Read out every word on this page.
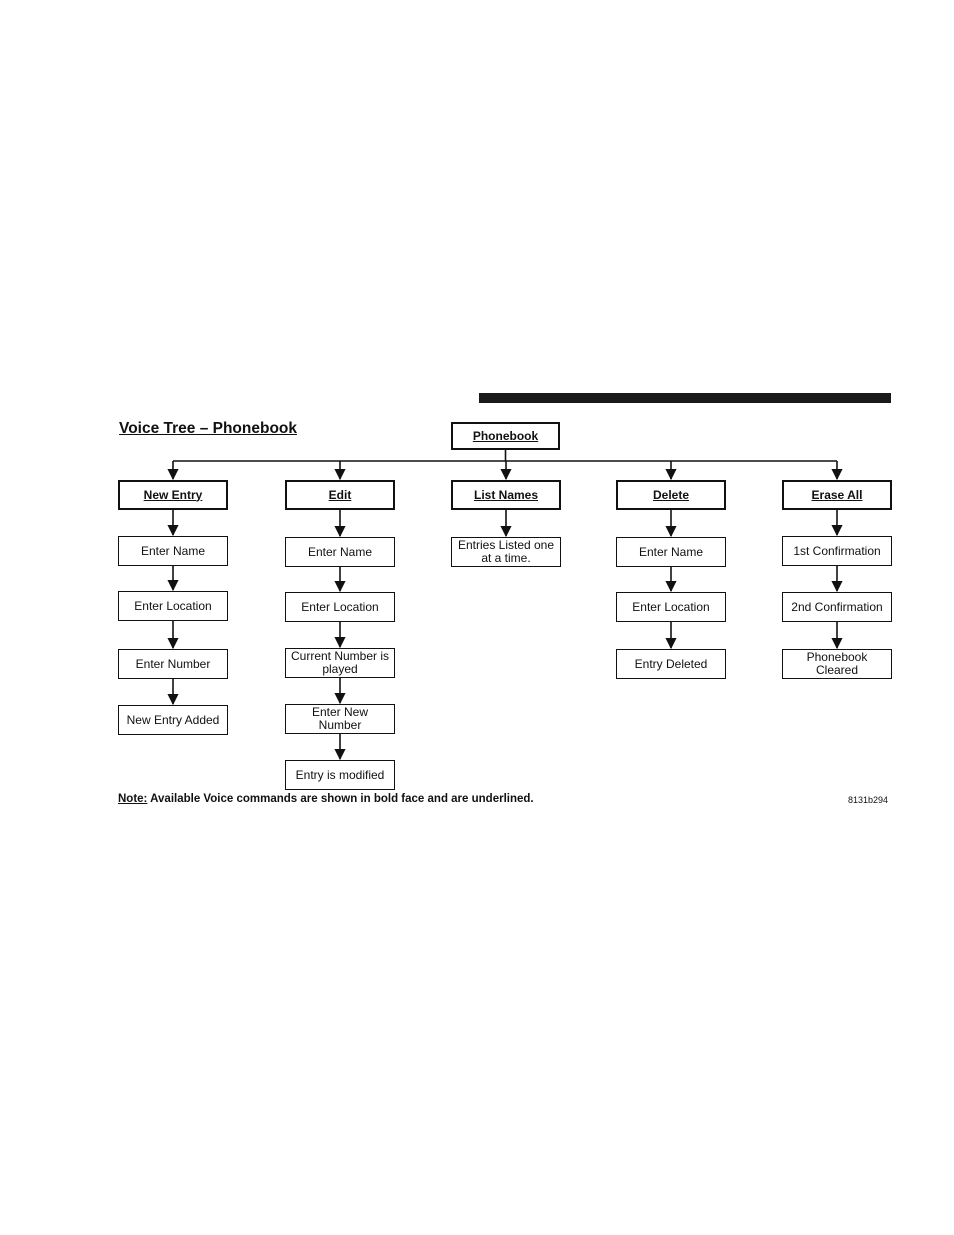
Voice Tree – Phonebook	Phonebook
New Entry
Enter Name
Enter Location
Enter Number
New Entry Added
Edit
Enter Name
Enter Location
Current Number is played
Enter New Number
Entry is modified
List Names
Entries Listed one at a time.
Delete
Enter Name
Enter Location
Entry Deleted
Erase All
1st Confirmation
2nd Confirmation
Phonebook Cleared
Note: Available Voice commands are shown in bold face and are underlined.	8131b294
